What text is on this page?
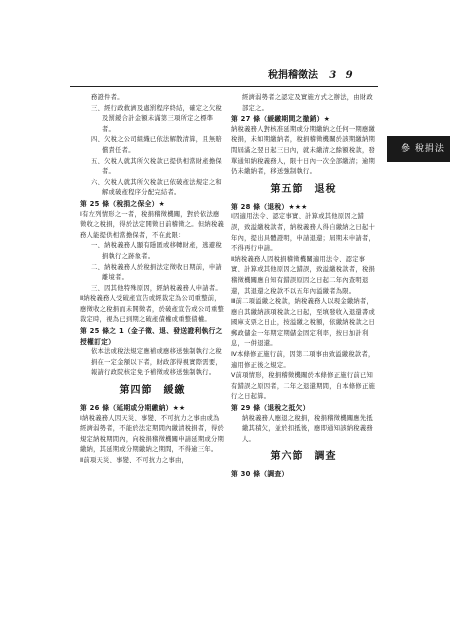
稅捐稽徵法 3 9
參 稅捐法

務證件者。

三、經行政救濟及處罰程序終結，確定之欠稅及罰鍰合計金額未滿第三項所定之標準者。

四、欠稅之公司組織已依法解散清算，且無賠償責任者。

五、欠稅人就其所欠稅款已提供相當財產擔保者。

六、欠稅人就其所欠稅款已依破產法規定之和解或破產程序分配完結者。

第 25 條（稅捐之保全）★

Ⅰ有左列情形之一者，稅捐稽徵機關，對於依法應徵收之稅捐，得於法定開徵日前稽徵之。但納稅義務人能提供相當擔保者，不在此限：

一、納稅義務人顯有隱匿或移轉財產，逃避稅捐執行之跡象者。

二、納稅義務人於稅捐法定徵收日期前，申請離境者。

三、因其他特殊原因，經納稅義務人申請者。

Ⅱ納稅義務人受破產宣告或經裁定為公司重整前，應徵收之稅捐而未開徵者，於破產宣告或公司重整裁定時，視為已到期之破產債權或重整債權。

第 25 條之 1（金子徵、退、發送證利執行之授權訂定）

依本法或稅法規定應補或應移送強制執行之稅捐在一定金額以下者，財政部得視實際需要，報請行政院核定免予補徵或移送強制執行。

第四節　緩繳

第 26 條（延期或分期繳納）★★

Ⅰ納稅義務人因天災、事變、不可抗力之事由或為經濟弱勢者，不能於法定期間內繳清稅捐者，得於規定納稅期間內，向稅捐稽徵機關申請延期或分期繳納，其延期或分期繳納之期間，不得逾三年。

Ⅱ前項天災、事變、不可抗力之事由，

經濟弱勢者之認定及實施方式之辦法，由財政部定之。

第 27 條（緩繳期間之撤銷）★

納稅義務人對核准延期或分期繳納之任何一期應繳稅捐，未如期繳納者，稅捐稽徵機關於該期繳納期間屆滿之翌日起三日內，就未繳清之餘額稅款，發單通知納稅義務人，限十日內一次全部繳清；逾期仍未繳納者，移送強制執行。

第五節　退稅

第 28 條（退稅）★★★

Ⅰ因適用法令、認定事實、計算或其他原因之錯誤，致溢繳稅款者，納稅義務人得自繳納之日起十年內，提出具體證明，申請退還；屆期未申請者，不得再行申請。

Ⅱ納稅義務人因稅捐稽徵機關適用法令、認定事實、計算或其他原因之錯誤，致溢繳稅款者，稅捐稽徵機關應自知有錯誤原因之日起二年內查明退還，其退還之稅款不以五年內溢繳者為限。

Ⅲ前二項溢繳之稅款，納稅義務人以現金繳納者，應自其繳納該項稅款之日起，至填發收入退還書或國庫支票之日止，按溢繳之稅額，依繳納稅款之日郵政儲金一年期定期儲金固定利率，按日加計利息，一併退還。

Ⅳ本條修正施行前，因第二項事由致溢繳稅款者，適用修正後之規定。

Ⅴ前項情形，稅捐稽徵機關於本條修正施行前已知有錯誤之原因者，二年之退還期間，自本條修正施行之日起算。

第 29 條（退稅之抵欠）

納稅義務人應退之稅捐，稅捐稽徵機關應先抵繳其積欠，並於扣抵後，應即通知該納稅義務人。

第六節　調查

第 30 條（調查）
